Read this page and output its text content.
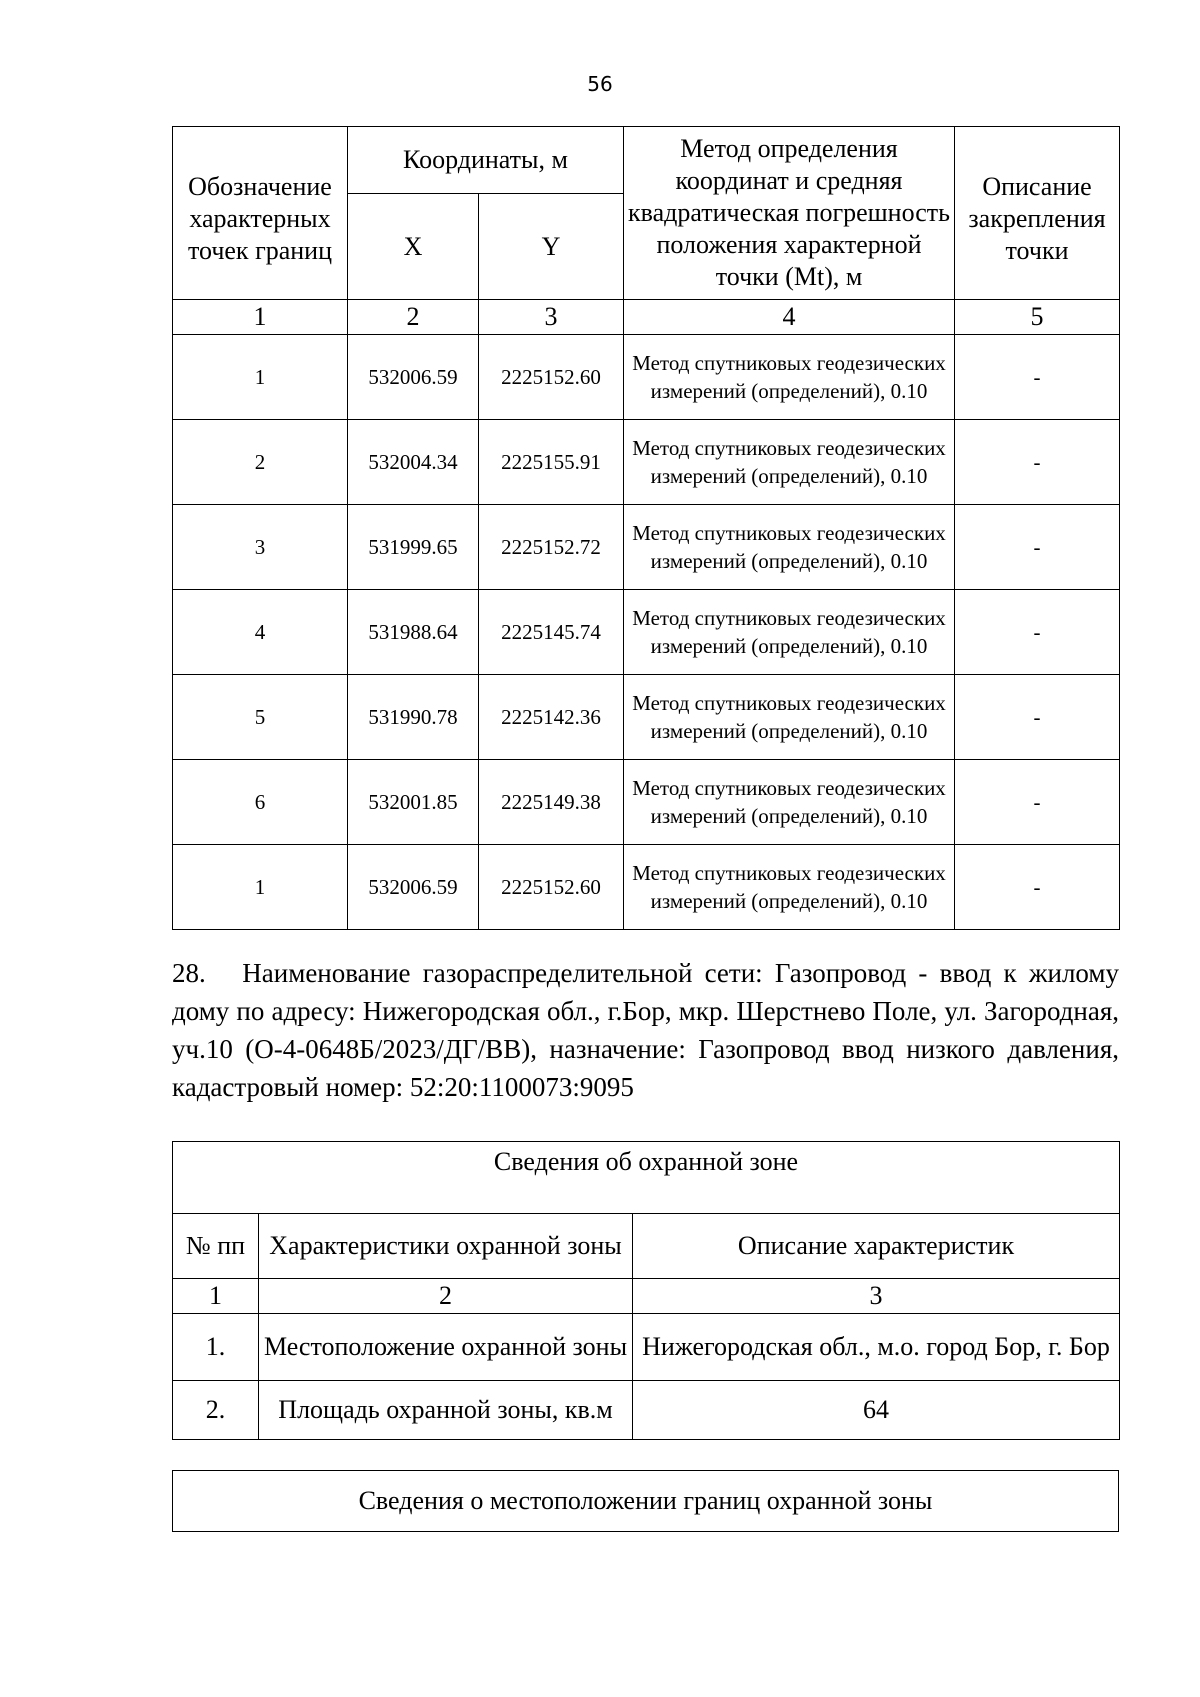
56
Обозначение характерных точек границ	Координаты, м		Метод определения координат и средняя квадратическая погрешность положения характерной точки (Mt), м	Описание закрепления точки
	X	Y		
1	2	3	4	5
1	532006.59	2225152.60	Метод спутниковых геодезических измерений (определений), 0.10	-
2	532004.34	2225155.91	Метод спутниковых геодезических измерений (определений), 0.10	-
3	531999.65	2225152.72	Метод спутниковых геодезических измерений (определений), 0.10	-
4	531988.64	2225145.74	Метод спутниковых геодезических измерений (определений), 0.10	-
5	531990.78	2225142.36	Метод спутниковых геодезических измерений (определений), 0.10	-
6	532001.85	2225149.38	Метод спутниковых геодезических измерений (определений), 0.10	-
1	532006.59	2225152.60	Метод спутниковых геодезических измерений (определений), 0.10	-

28.   Наименование газораспределительной сети: Газопровод - ввод к жилому дому по адресу: Нижегородская обл., г.Бор, мкр. Шерстнево Поле, ул. Загородная, уч.10 (О-4-0648Б/2023/ДГ/ВВ), назначение: Газопровод ввод низкого давления, кадастровый номер: 52:20:1100073:9095

Сведения об охранной зоне		
№ пп	Характеристики охранной зоны	Описание характеристик
1	2	3
1.	Местоположение охранной зоны	Нижегородская обл., м.о. город Бор, г. Бор
2.	Площадь охранной зоны, кв.м	64
Сведения о местоположении границ охранной зоны
